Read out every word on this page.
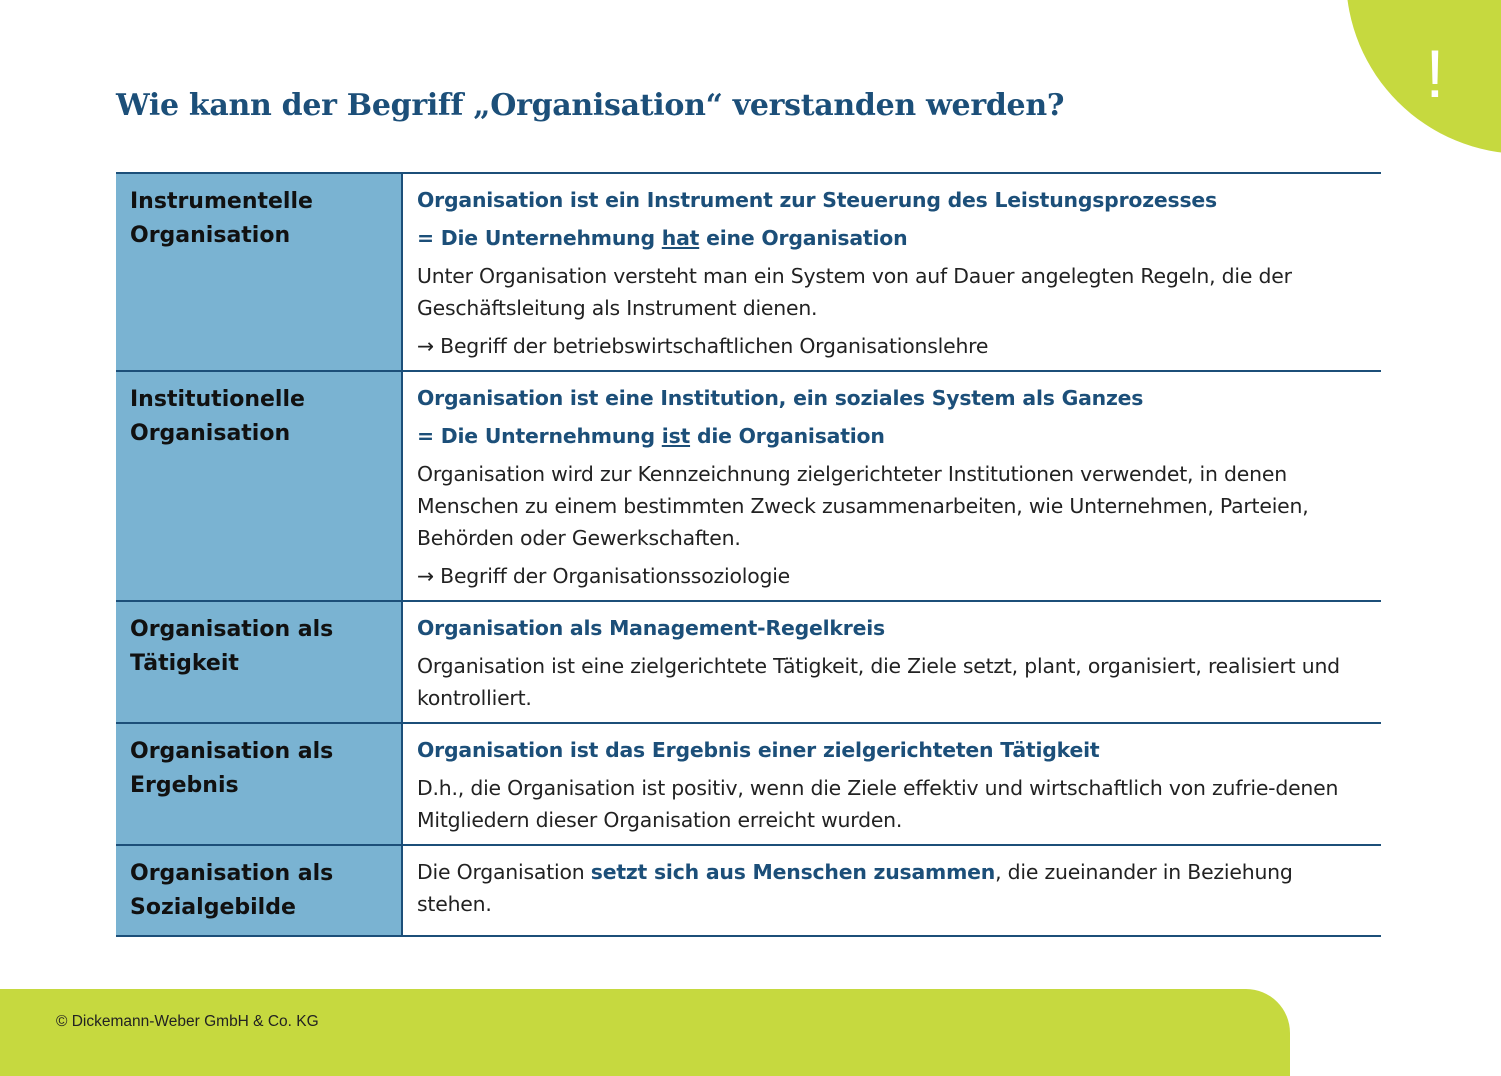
!
Wie kann der Begriff „Organisation“ verstanden werden?
Instrumentelle Organisation	Organisation ist ein Instrument zur Steuerung des Leistungsprozesses

= Die Unternehmung hat eine Organisation

Unter Organisation versteht man ein System von auf Dauer angelegten Regeln, die der Geschäftsleitung als Instrument dienen.

→ Begriff der betriebswirtschaftlichen Organisationslehre

Institutionelle Organisation	Organisation ist eine Institution, ein soziales System als Ganzes

= Die Unternehmung ist die Organisation

Organisation wird zur Kennzeichnung zielgerichteter Institutionen verwendet, in denen Menschen zu einem bestimmten Zweck zusammenarbeiten, wie Unternehmen, Parteien, Behörden oder Gewerkschaften.

→ Begriff der Organisationssoziologie

Organisation als Tätigkeit	Organisation als Management-Regelkreis

Organisation ist eine zielgerichtete Tätigkeit, die Ziele setzt, plant, organisiert, realisiert und kontrolliert.

Organisation als Ergebnis	Organisation ist das Ergebnis einer zielgerichteten Tätigkeit

D.h., die Organisation ist positiv, wenn die Ziele effektiv und wirtschaftlich von zufrie-denen Mitgliedern dieser Organisation erreicht wurden.

Organisation als Sozialgebilde	Die Organisation setzt sich aus Menschen zusammen, die zueinander in Beziehung stehen.

© Dickemann-Weber GmbH & Co. KG
